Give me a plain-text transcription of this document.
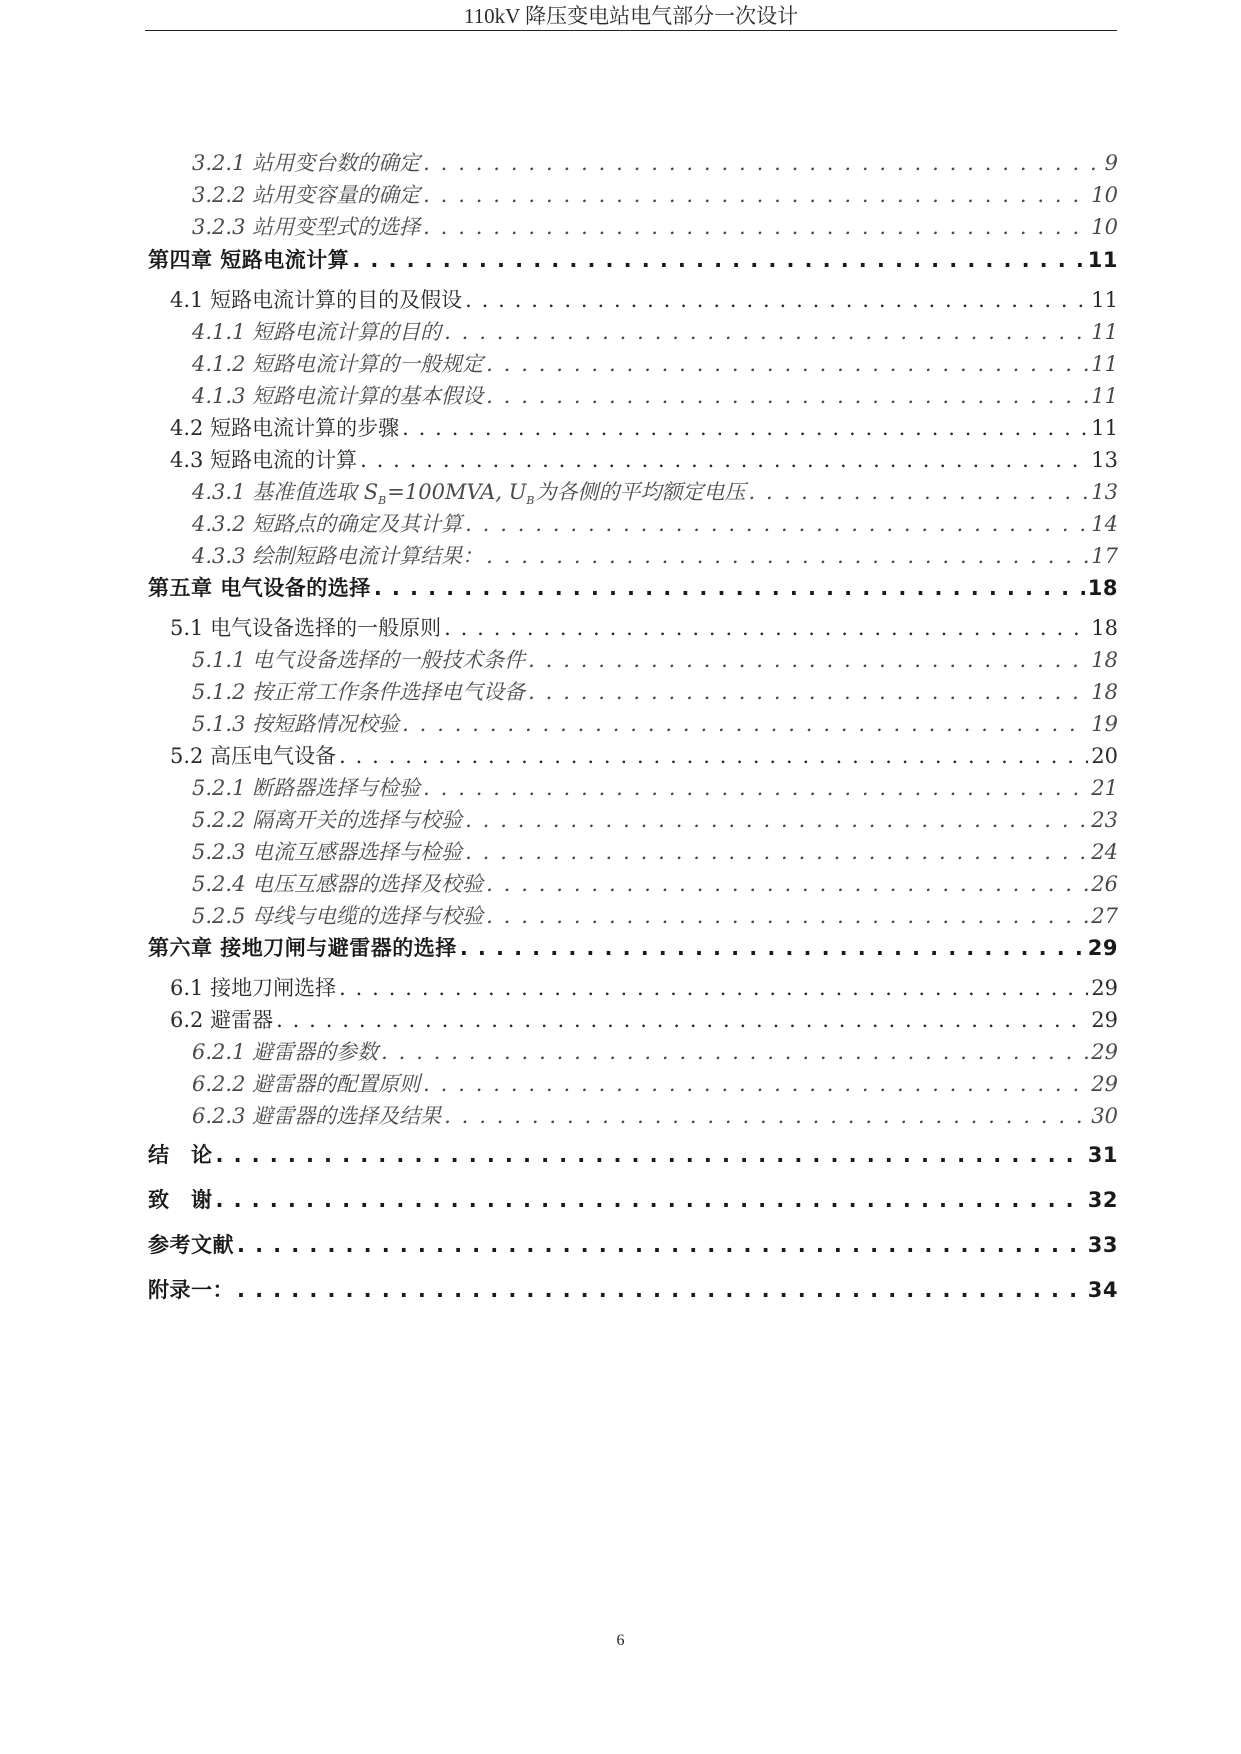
110kV 降压变电站电气部分一次设计
3.2.1 站用变台数的确定 . . .	9
3.2.2 站用变容量的确定 . . .	10
3.2.3 站用变型式的选择 . . .	10
第四章 短路电流计算 . . .	11
4.1 短路电流计算的目的及假设 . . .	11
4.1.1 短路电流计算的目的 . . .	11
4.1.2 短路电流计算的一般规定 . . .	11
4.1.3 短路电流计算的基本假设 . . .	11
4.2 短路电流计算的步骤 . . .	11
4.3 短路电流的计算 . . .	13
4.3.1 基准值选取 S B =100MVA, U B 为各侧的平均额定电压 . . .	13
4.3.2 短路点的确定及其计算 . . .	14
4.3.3 绘制短路电流计算结果： . . .	17
第五章 电气设备的选择 . . .	18
5.1 电气设备选择的一般原则 . . .	18
5.1.1 电气设备选择的一般技术条件 . . .	18
5.1.2 按正常工作条件选择电气设备 . . .	18
5.1.3 按短路情况校验 . . .	19
5.2 高压电气设备 . . .	20
5.2.1 断路器选择与检验 . . .	21
5.2.2 隔离开关的选择与校验 . . .	23
5.2.3 电流互感器选择与检验 . . .	24
5.2.4 电压互感器的选择及校验 . . .	26
5.2.5 母线与电缆的选择与校验 . . .	27
第六章 接地刀闸与避雷器的选择 . . .	29
6.1 接地刀闸选择 . . .	29
6.2 避雷器 . . .	29
6.2.1 避雷器的参数 . . .	29
6.2.2 避雷器的配置原则 . . .	29
6.2.3 避雷器的选择及结果 . . .	30
结　论 . . .	31
致　谢 . . .	32
参考文献 . . .	33
附录一： . . .	34
6
